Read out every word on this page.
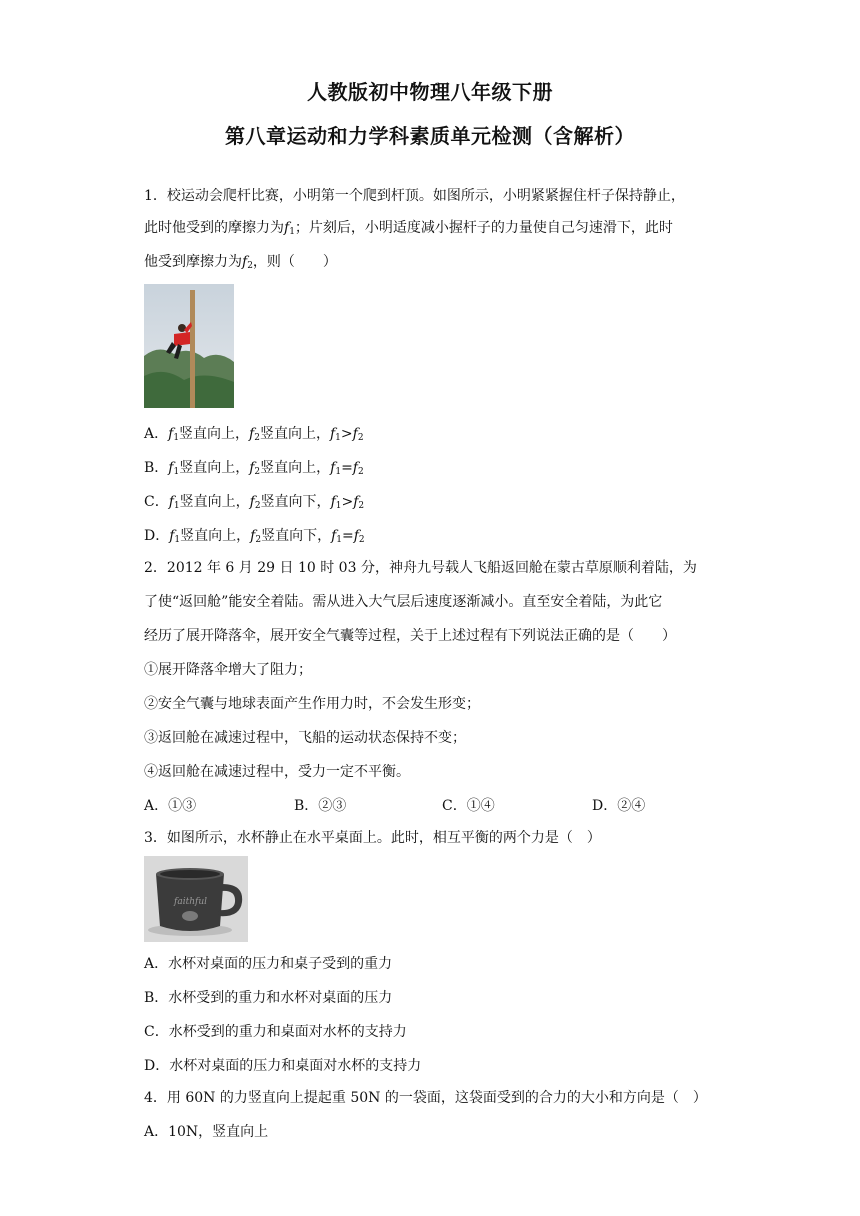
人教版初中物理八年级下册
第八章运动和力学科素质单元检测（含解析）
1．校运动会爬杆比赛，小明第一个爬到杆顶。如图所示，小明紧紧握住杆子保持静止，
此时他受到的摩擦力为$f_1$；片刻后，小明适度减小握杆子的力量使自己匀速滑下，此时
他受到摩擦力为$f_2$，则（　　）
A．$f_1$竖直向上，$f_2$竖直向上，$f_1>f_2$
B．$f_1$竖直向上，$f_2$竖直向上，$f_1=f_2$
C．$f_1$竖直向上，$f_2$竖直向下，$f_1>f_2$
D．$f_1$竖直向上，$f_2$竖直向下，$f_1=f_2$
2．2012 年 6 月 29 日 10 时 03 分，神舟九号载人飞船返回舱在蒙古草原顺利着陆，为
了使“返回舱”能安全着陆。需从进入大气层后速度逐渐减小。直至安全着陆，为此它
经历了展开降落伞，展开安全气囊等过程，关于上述过程有下列说法正确的是（　　）
①展开降落伞增大了阻力；
②安全气囊与地球表面产生作用力时，不会发生形变；
③返回舱在减速过程中，飞船的运动状态保持不变；
④返回舱在减速过程中，受力一定不平衡。
A．①③	B．②③	C．①④	D．②④
3．如图所示，水杯静止在水平桌面上。此时，相互平衡的两个力是（　）
faithful
A．水杯对桌面的压力和桌子受到的重力
B．水杯受到的重力和水杯对桌面的压力
C．水杯受到的重力和桌面对水杯的支持力
D．水杯对桌面的压力和桌面对水杯的支持力
4．用 60N 的力竖直向上提起重 50N 的一袋面，这袋面受到的合力的大小和方向是（　）
A．10N，竖直向上
